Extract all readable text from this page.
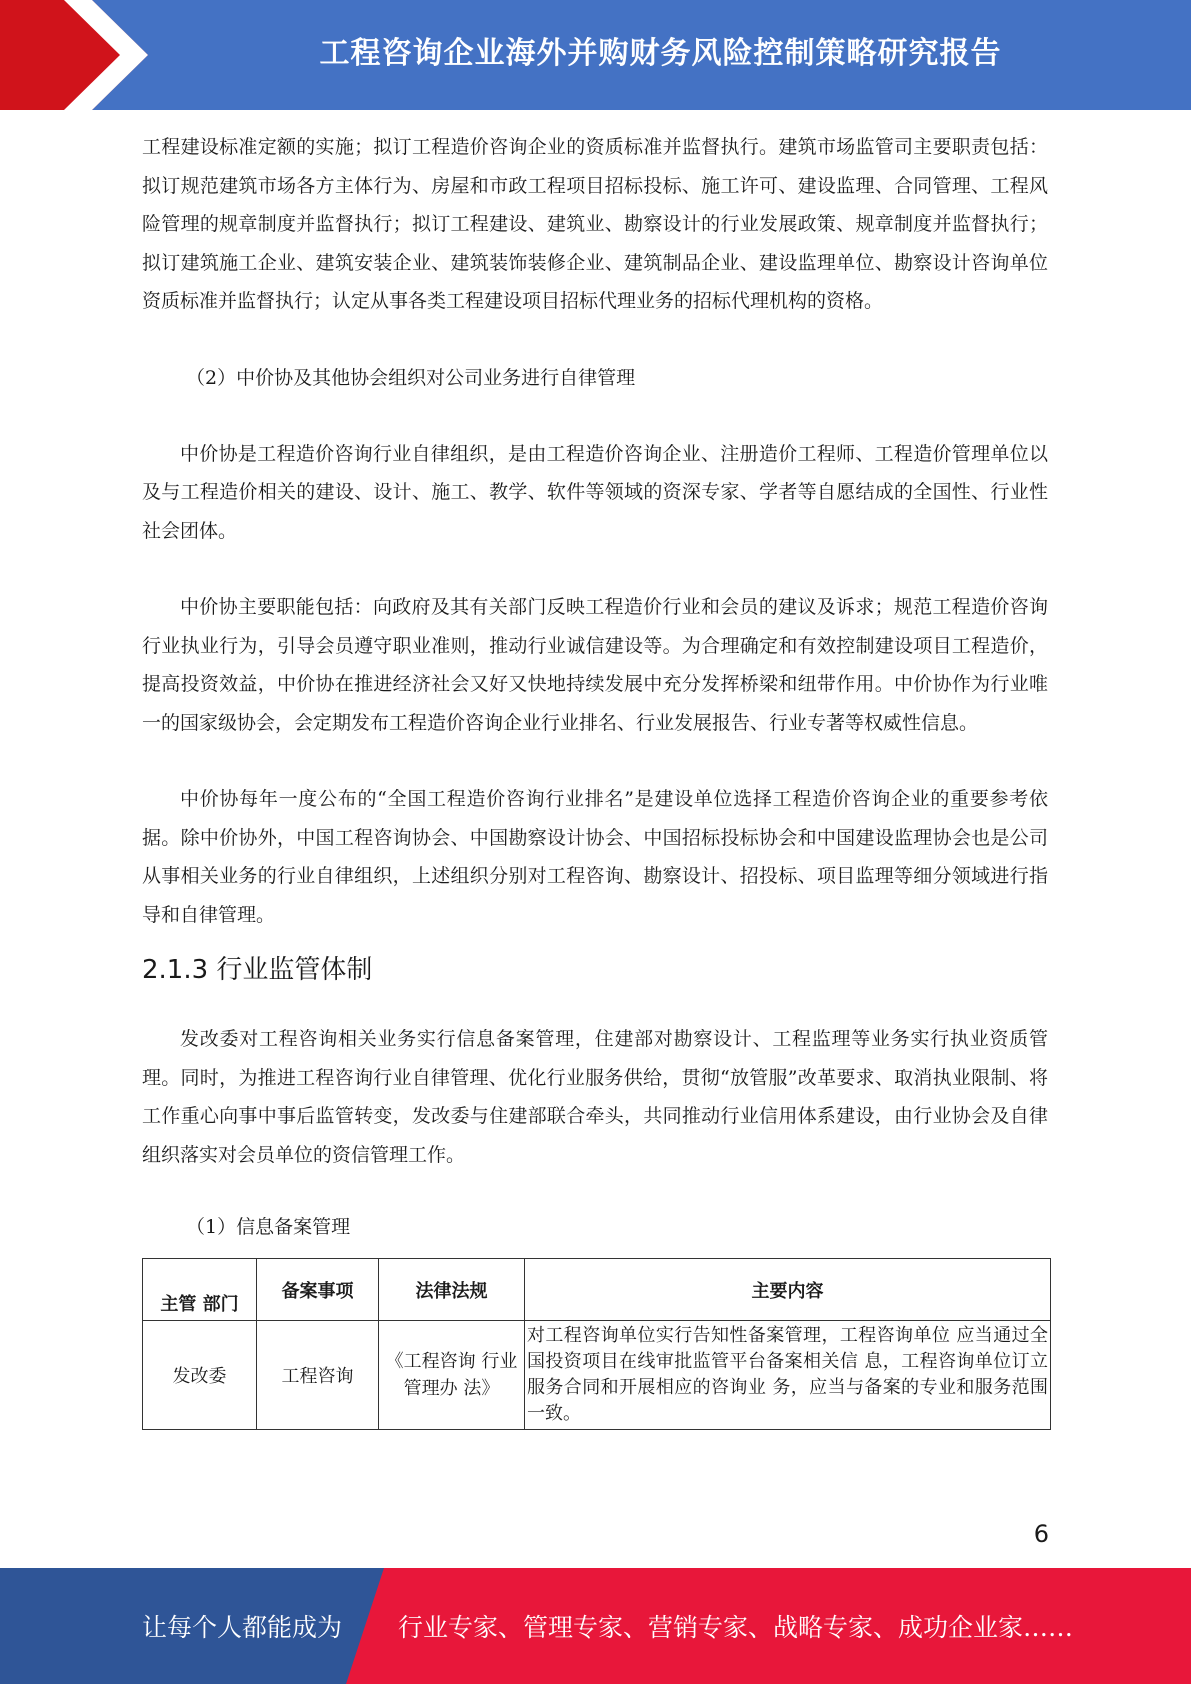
工程咨询企业海外并购财务风险控制策略研究报告

工程建设标准定额的实施；拟订工程造价咨询企业的资质标准并监督执行。建筑市场监管司主要职责包括：拟订规范建筑市场各方主体行为、房屋和市政工程项目招标投标、施工许可、建设监理、合同管理、工程风险管理的规章制度并监督执行；拟订工程建设、建筑业、勘察设计的行业发展政策、规章制度并监督执行；拟订建筑施工企业、建筑安装企业、建筑装饰装修企业、建筑制品企业、建设监理单位、勘察设计咨询单位资质标准并监督执行；认定从事各类工程建设项目招标代理业务的招标代理机构的资格。

（2）中价协及其他协会组织对公司业务进行自律管理

中价协是工程造价咨询行业自律组织，是由工程造价咨询企业、注册造价工程师、工程造价管理单位以及与工程造价相关的建设、设计、施工、教学、软件等领域的资深专家、学者等自愿结成的全国性、行业性社会团体。

中价协主要职能包括：向政府及其有关部门反映工程造价行业和会员的建议及诉求；规范工程造价咨询行业执业行为，引导会员遵守职业准则，推动行业诚信建设等。为合理确定和有效控制建设项目工程造价，提高投资效益，中价协在推进经济社会又好又快地持续发展中充分发挥桥梁和纽带作用。中价协作为行业唯一的国家级协会，会定期发布工程造价咨询企业行业排名、行业发展报告、行业专著等权威性信息。

中价协每年一度公布的“全国工程造价咨询行业排名”是建设单位选择工程造价咨询企业的重要参考依据。除中价协外，中国工程咨询协会、中国勘察设计协会、中国招标投标协会和中国建设监理协会也是公司从事相关业务的行业自律组织，上述组织分别对工程咨询、勘察设计、招投标、项目监理等细分领域进行指导和自律管理。

2.1.3 行业监管体制

发改委对工程咨询相关业务实行信息备案管理，住建部对勘察设计、工程监理等业务实行执业资质管理。同时，为推进工程咨询行业自律管理、优化行业服务供给，贯彻“放管服”改革要求、取消执业限制、将工作重心向事中事后监管转变，发改委与住建部联合牵头，共同推动行业信用体系建设，由行业协会及自律组织落实对会员单位的资信管理工作。

（1）信息备案管理

主管 部门	备案事项	法律法规	主要内容
发改委	工程咨询	《工程咨询 行业管理办 法》	对工程咨询单位实行告知性备案管理，工程咨询单位 应当通过全国投资项目在线审批监管平台备案相关信 息，工程咨询单位订立服务合同和开展相应的咨询业 务，应当与备案的专业和服务范围一致。
6
让每个人都能成为 行业专家、管理专家、营销专家、战略专家、成功企业家……
